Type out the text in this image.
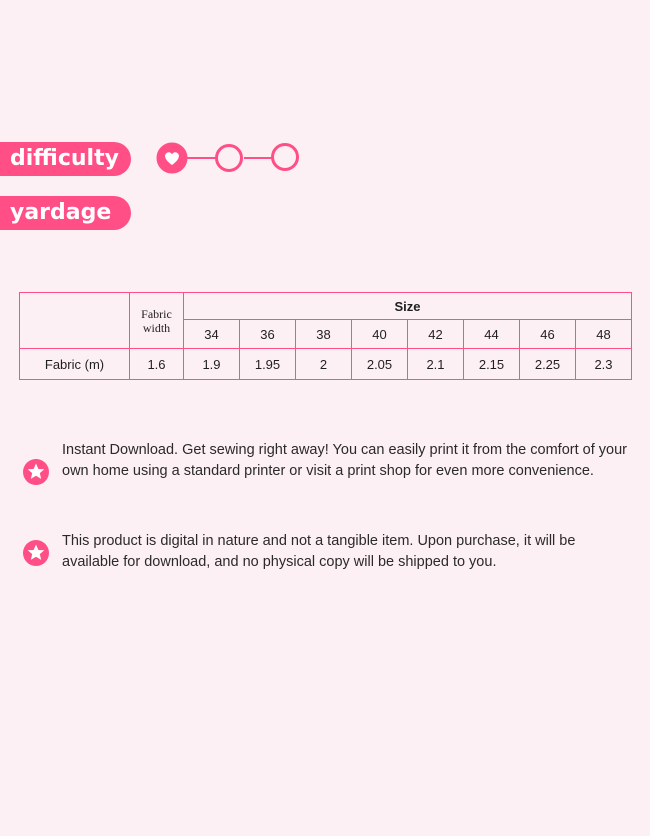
difficulty
yardage
	Fabric width	Size							
		34	36	38	40	42	44	46	48
Fabric (m)	1.6	1.9	1.95	2	2.05	2.1	2.15	2.25	2.3
Instant Download. Get sewing right away! You can easily print it from the comfort of your own home using a standard printer or visit a print shop for even more convenience.
This product is digital in nature and not a tangible item. Upon purchase, it will be available for download, and no physical copy will be shipped to you.
